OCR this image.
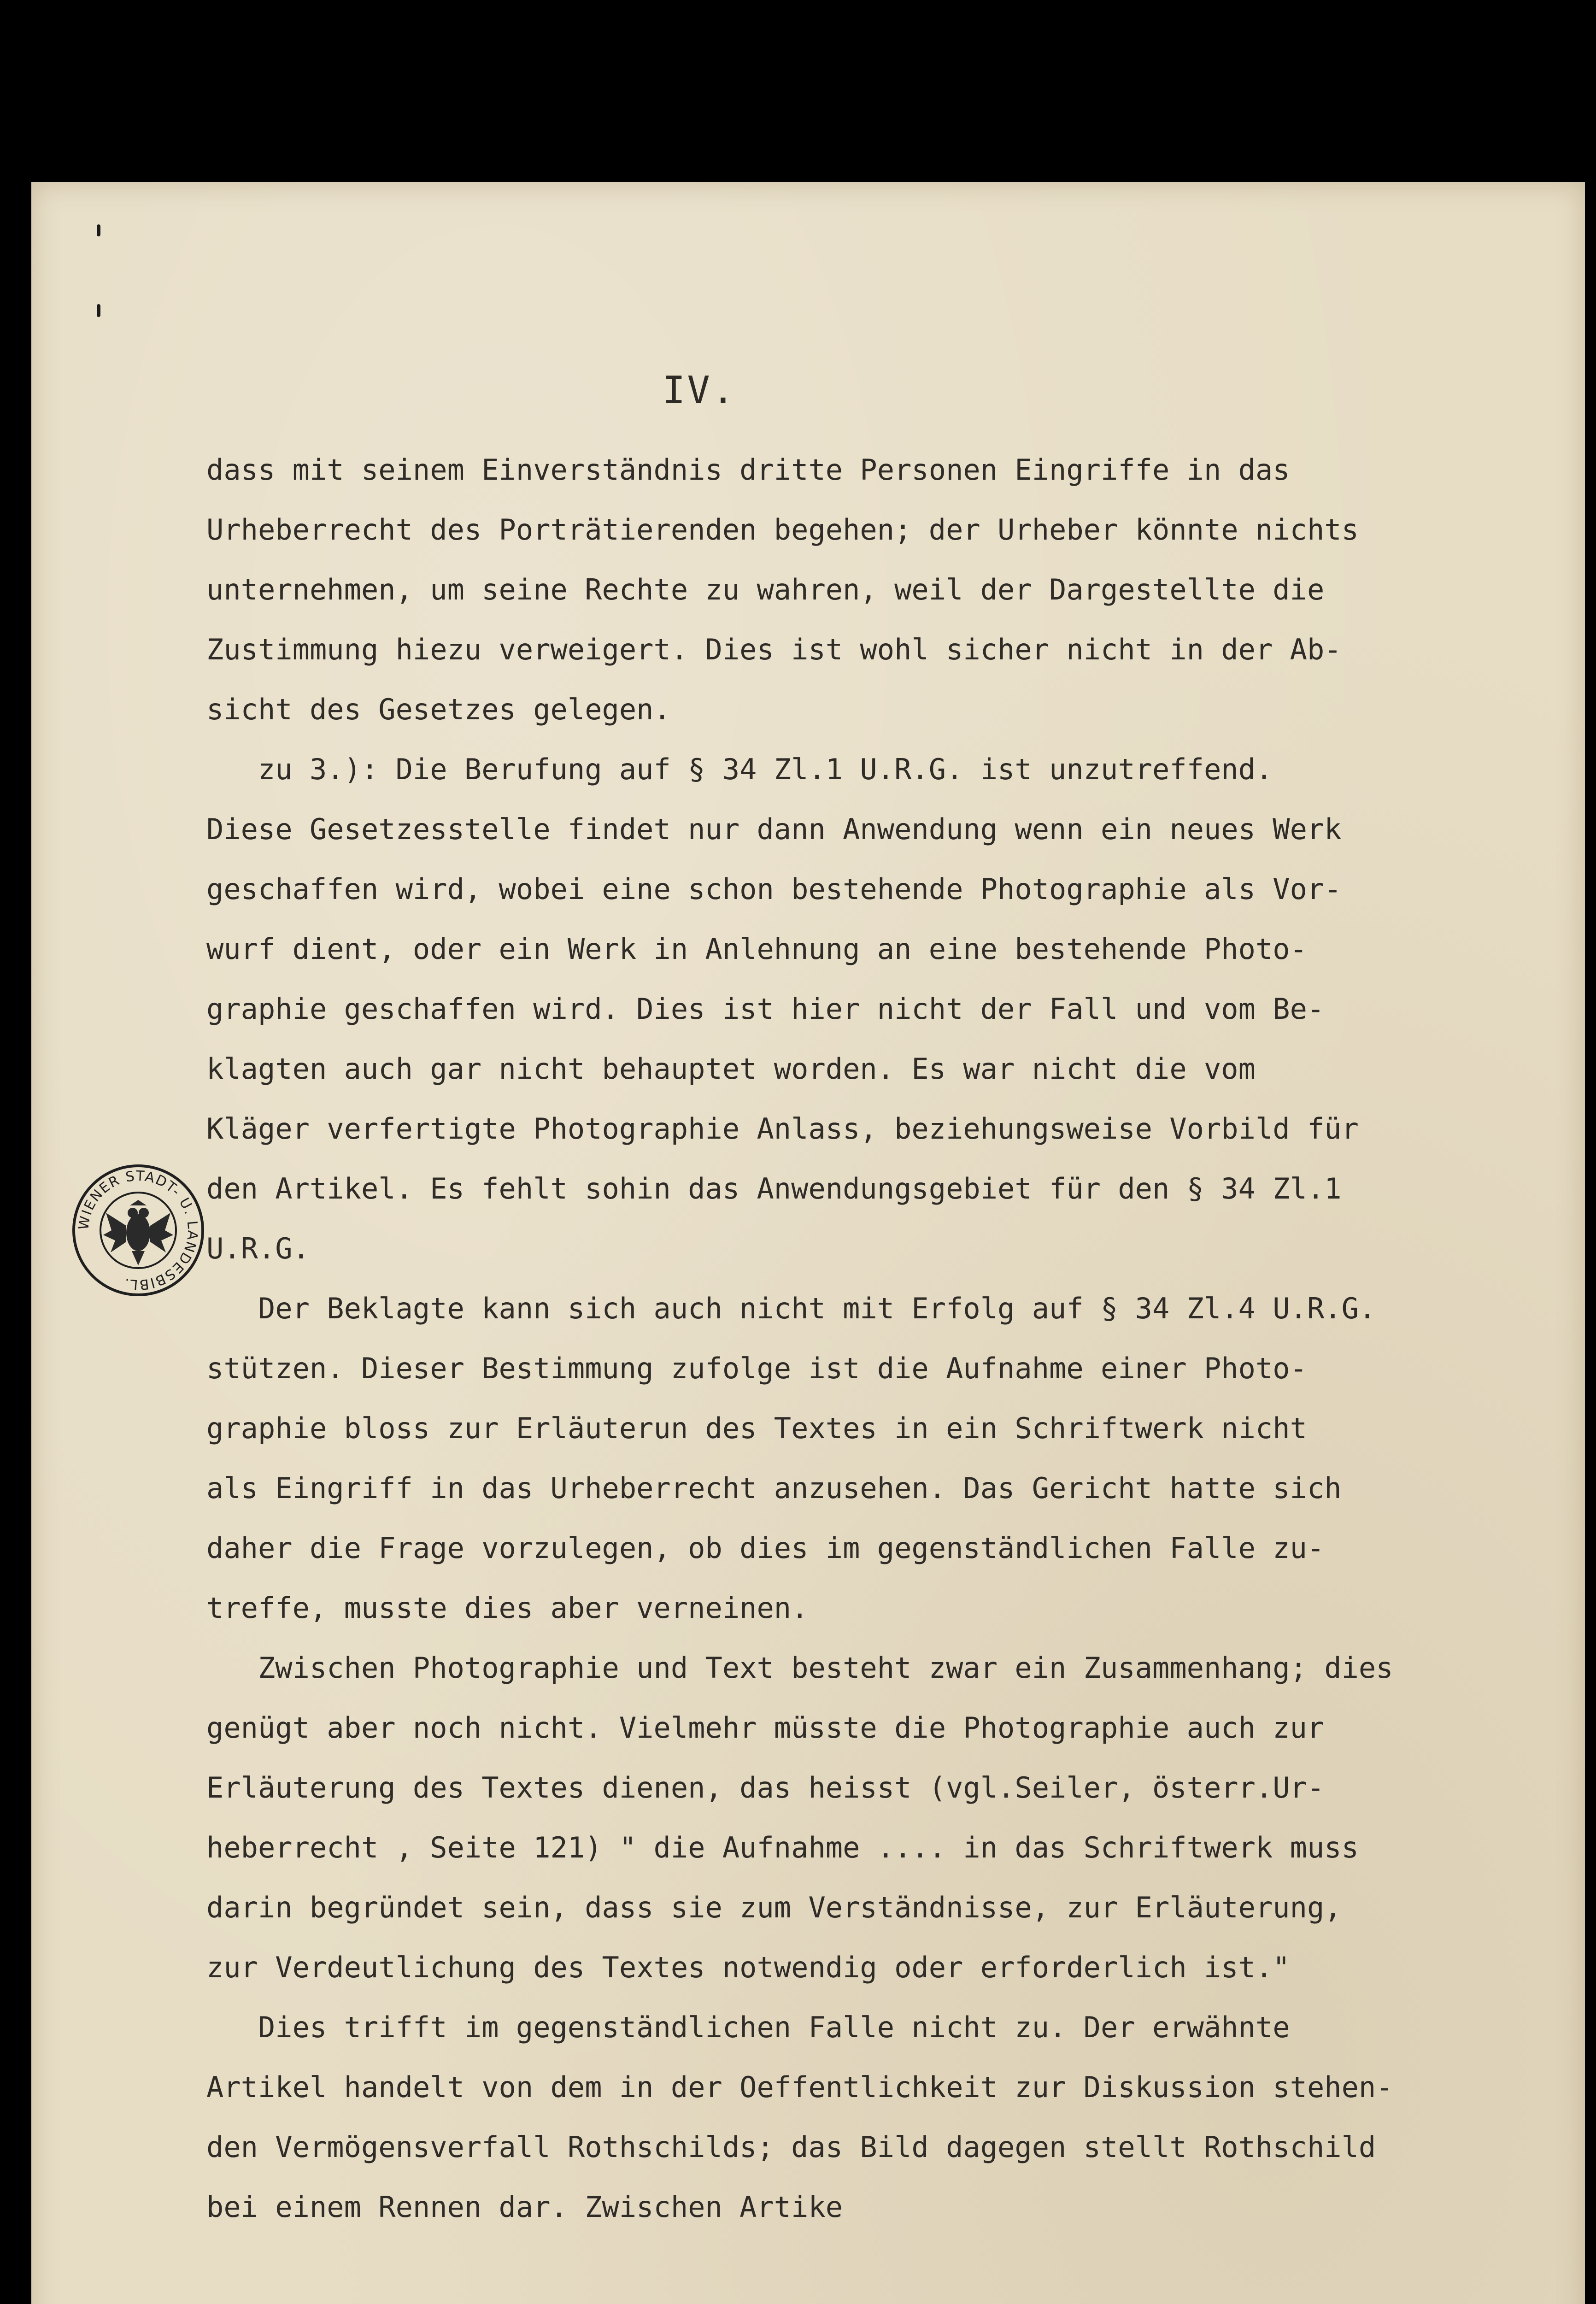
IV.
dass mit seinem Einverständnis dritte Personen Eingriffe in das
Urheberrecht des Porträtierenden begehen; der Urheber könnte nichts
unternehmen, um seine Rechte zu wahren, weil der Dargestellte die
Zustimmung hiezu verweigert. Dies ist wohl sicher nicht in der Ab-
sicht des Gesetzes gelegen.
zu 3.): Die Berufung auf § 34 Zl.1 U.R.G. ist unzutreffend.
Diese Gesetzesstelle findet nur dann Anwendung wenn ein neues Werk
geschaffen wird, wobei eine schon bestehende Photographie als Vor-
wurf dient, oder ein Werk in Anlehnung an eine bestehende Photo-
graphie geschaffen wird. Dies ist hier nicht der Fall und vom Be-
klagten auch gar nicht behauptet worden. Es war nicht die vom
Kläger verfertigte Photographie Anlass, beziehungsweise Vorbild für
den Artikel. Es fehlt sohin das Anwendungsgebiet für den § 34 Zl.1
U.R.G.
Der Beklagte kann sich auch nicht mit Erfolg auf § 34 Zl.4 U.R.G.
stützen. Dieser Bestimmung zufolge ist die Aufnahme einer Photo-
graphie bloss zur Erläuterun des Textes in ein Schriftwerk nicht
als Eingriff in das Urheberrecht anzusehen. Das Gericht hatte sich
daher die Frage vorzulegen, ob dies im gegenständlichen Falle zu-
treffe, musste dies aber verneinen.
Zwischen Photographie und Text besteht zwar ein Zusammenhang; dies
genügt aber noch nicht. Vielmehr müsste die Photographie auch zur
Erläuterung des Textes dienen, das heisst (vgl.Seiler, österr.Ur-
heberrecht , Seite 121) " die Aufnahme .... in das Schriftwerk muss
darin begründet sein, dass sie zum Verständnisse, zur Erläuterung,
zur Verdeutlichung des Textes notwendig oder erforderlich ist."
Dies trifft im gegenständlichen Falle nicht zu. Der erwähnte
Artikel handelt von dem in der Oeffentlichkeit zur Diskussion stehen-
den Vermögensverfall Rothschilds; das Bild dagegen stellt Rothschild
bei einem Rennen dar. Zwischen Artike
WIENER STADT- U. LANDESBIBL.
